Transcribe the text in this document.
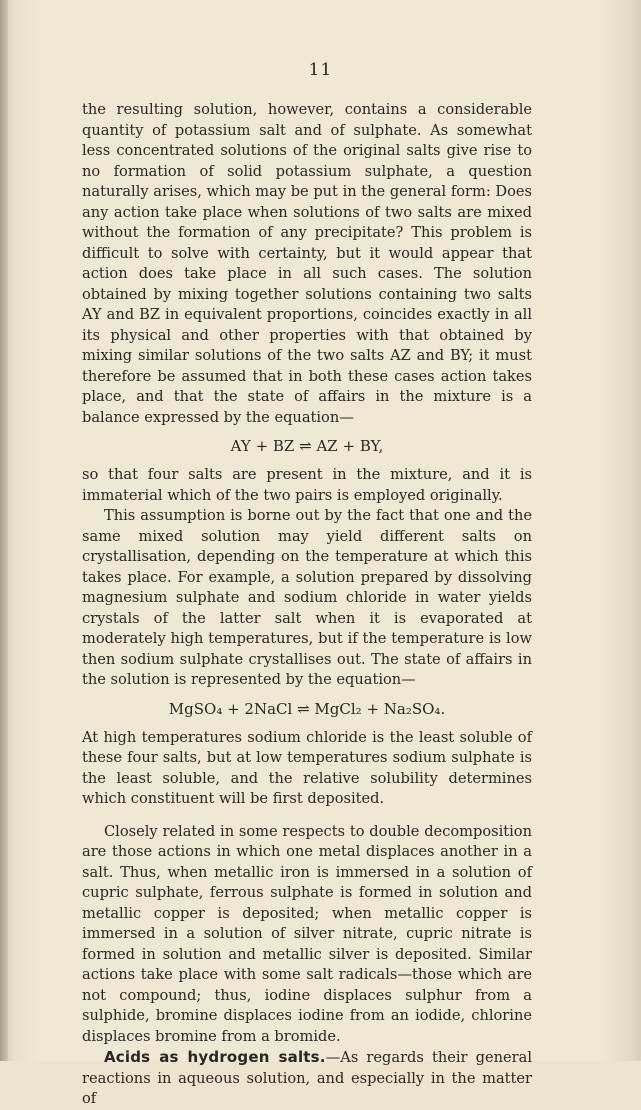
11

the resulting solution, however, contains a considerable quantity of potassium salt and of sulphate. As somewhat less concentrated solutions of the original salts give rise to no formation of solid potassium sulphate, a question naturally arises, which may be put in the general form: Does any action take place when solutions of two salts are mixed without the formation of any precipitate? This problem is difficult to solve with certainty, but it would appear that action does take place in all such cases. The solution obtained by mixing together solutions containing two salts AY and BZ in equivalent proportions, coincides exactly in all its physical and other properties with that obtained by mixing similar solutions of the two salts AZ and BY; it must therefore be assumed that in both these cases action takes place, and that the state of affairs in the mixture is a balance expressed by the equation—

AY + BZ ⇌ AZ + BY,

so that four salts are present in the mixture, and it is immaterial which of the two pairs is employed originally.

This assumption is borne out by the fact that one and the same mixed solution may yield different salts on crystallisation, depending on the temperature at which this takes place. For example, a solution prepared by dissolving magnesium sulphate and sodium chloride in water yields crystals of the latter salt when it is evaporated at moderately high temperatures, but if the temperature is low then sodium sulphate crystallises out. The state of affairs in the solution is represented by the equation—

MgSO₄ + 2NaCl ⇌ MgCl₂ + Na₂SO₄.

At high temperatures sodium chloride is the least soluble of these four salts, but at low temperatures sodium sulphate is the least soluble, and the relative solubility determines which constituent will be first deposited.

Closely related in some respects to double decomposition are those actions in which one metal displaces another in a salt. Thus, when metallic iron is immersed in a solution of cupric sulphate, ferrous sulphate is formed in solution and metallic copper is deposited; when metallic copper is immersed in a solution of silver nitrate, cupric nitrate is formed in solution and metallic silver is deposited. Similar actions take place with some salt radicals—those which are not compound; thus, iodine displaces sulphur from a sulphide, bromine displaces iodine from an iodide, chlorine displaces bromine from a bromide.

Acids as hydrogen salts.—As regards their general reactions in aqueous solution, and especially in the matter of
